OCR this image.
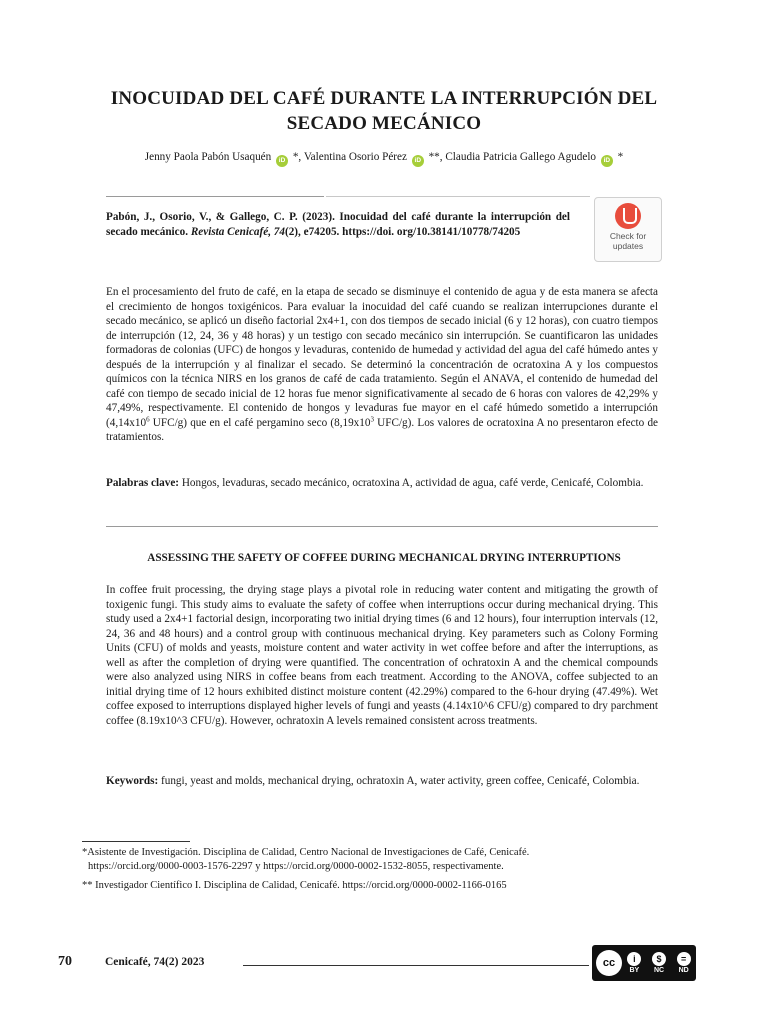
INOCUIDAD DEL CAFÉ DURANTE LA INTERRUPCIÓN DEL
SECADO MECÁNICO
Jenny Paola Pabón Usaquén iD *, Valentina Osorio Pérez iD **, Claudia Patricia Gallego Agudelo iD *
Pabón, J., Osorio, V., & Gallego, C. P. (2023). Inocuidad del café durante la interrupción del secado mecánico. Revista Cenicafé, 74(2), e74205. https://doi. org/10.38141/10778/74205	Check for
updates
En el procesamiento del fruto de café, en la etapa de secado se disminuye el contenido de agua y de esta manera se afecta el crecimiento de hongos toxigénicos. Para evaluar la inocuidad del café cuando se realizan interrupciones durante el secado mecánico, se aplicó un diseño factorial 2x4+1, con dos tiempos de secado inicial (6 y 12 horas), con cuatro tiempos de interrupción (12, 24, 36 y 48 horas) y un testigo con secado mecánico sin interrupción. Se cuantificaron las unidades formadoras de colonias (UFC) de hongos y levaduras, contenido de humedad y actividad del agua del café húmedo antes y después de la interrupción y al finalizar el secado. Se determinó la concentración de ocratoxina A y los compuestos químicos con la técnica NIRS en los granos de café de cada tratamiento. Según el ANAVA, el contenido de humedad del café con tiempo de secado inicial de 12 horas fue menor significativamente al secado de 6 horas con valores de 42,29% y 47,49%, respectivamente. El contenido de hongos y levaduras fue mayor en el café húmedo sometido a interrupción ($4,14x10^6$ UFC/g) que en el café pergamino seco ($8,19x10^3$ UFC/g). Los valores de ocratoxina A no presentaron efecto de tratamientos.
Palabras clave: Hongos, levaduras, secado mecánico, ocratoxina A, actividad de agua, café verde, Cenicafé, Colombia.
ASSESSING THE SAFETY OF COFFEE DURING MECHANICAL DRYING INTERRUPTIONS
In coffee fruit processing, the drying stage plays a pivotal role in reducing water content and mitigating the growth of toxigenic fungi. This study aims to evaluate the safety of coffee when interruptions occur during mechanical drying. This study used a 2x4+1 factorial design, incorporating two initial drying times (6 and 12 hours), four interruption intervals (12, 24, 36 and 48 hours) and a control group with continuous mechanical drying. Key parameters such as Colony Forming Units (CFU) of molds and yeasts, moisture content and water activity in wet coffee before and after the interruptions, as well as after the completion of drying were quantified. The concentration of ochratoxin A and the chemical compounds were also analyzed using NIRS in coffee beans from each treatment. According to the ANOVA, coffee subjected to an initial drying time of 12 hours exhibited distinct moisture content (42.29%) compared to the 6-hour drying (47.49%). Wet coffee exposed to interruptions displayed higher levels of fungi and yeasts (4.14x10^6 CFU/g) compared to dry parchment coffee (8.19x10^3 CFU/g). However, ochratoxin A levels remained consistent across treatments.
Keywords: fungi, yeast and molds, mechanical drying, ochratoxin A, water activity, green coffee, Cenicafé, Colombia.
*Asistente de Investigación. Disciplina de Calidad, Centro Nacional de Investigaciones de Café, Cenicafé.
https://orcid.org/0000-0003-1576-2297 y https://orcid.org/0000-0002-1532-8055, respectivamente.
** Investigador Científico I. Disciplina de Calidad, Cenicafé. https://orcid.org/0000-0002-1166-0165
70	Cenicafé, 74(2) 2023	cc	i
BY
$
NC
=
ND
